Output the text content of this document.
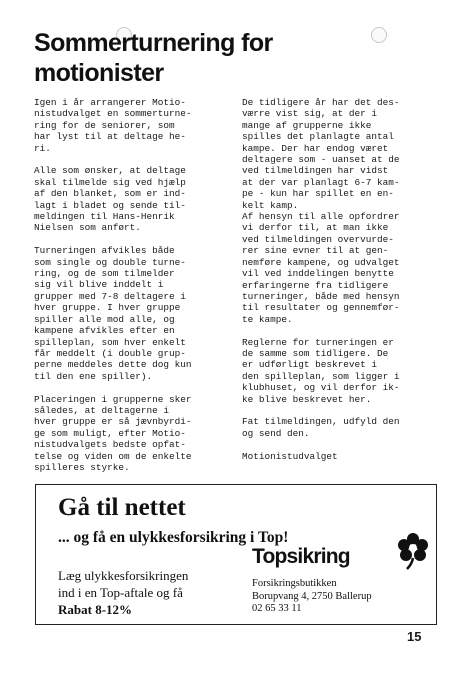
Sommerturnering for
motionister
Igen i år arrangerer Motio-
nistudvalget en sommerturne-
ring for de seniorer, som
har lyst til at deltage he-
ri.
Alle som ønsker, at deltage
skal tilmelde sig ved hjælp
af den blanket, som er ind-
lagt i bladet og sende til-
meldingen til Hans-Henrik
Nielsen som anført.
Turneringen afvikles både
som single og double turne-
ring, og de som tilmelder
sig vil blive inddelt i
grupper med 7-8 deltagere i
hver gruppe. I hver gruppe
spiller alle mod alle, og
kampene afvikles efter en
spilleplan, som hver enkelt
får meddelt (i double grup-
perne meddeles dette dog kun
til den ene spiller).
Placeringen i grupperne sker
således, at deltagerne i
hver gruppe er så jævnbyrdi-
ge som muligt, efter Motio-
nistudvalgets bedste opfat-
telse og viden om de enkelte
spilleres styrke.
De tidligere år har det des-
værre vist sig, at der i
mange af grupperne ikke
spilles det planlagte antal
kampe. Der har endog været
deltagere som - uanset at de
ved tilmeldingen har vidst
at der var planlagt 6-7 kam-
pe - kun har spillet en en-
kelt kamp.
Af hensyn til alle opfordrer
vi derfor til, at man ikke
ved tilmeldingen overvurde-
rer sine evner til at gen-
nemføre kampene, og udvalget
vil ved inddelingen benytte
erfaringerne fra tidligere
turneringer, både med hensyn
til resultater og gennemfør-
te kampe.
Reglerne for turneringen er
de samme som tidligere. De
er udførligt beskrevet i
den spilleplan, som ligger i
klubhuset, og vil derfor ik-
ke blive beskrevet her.
Fat tilmeldingen, udfyld den
og send den.
Motionistudvalget
Gå til nettet
... og få en ulykkesforsikring i Top!
Læg ulykkesforsikringen
ind i en Top-aftale og få
Rabat 8-12%
Topsikring
Forsikringsbutikken
Borupvang 4, 2750 Ballerup
02 65 33 11
15
